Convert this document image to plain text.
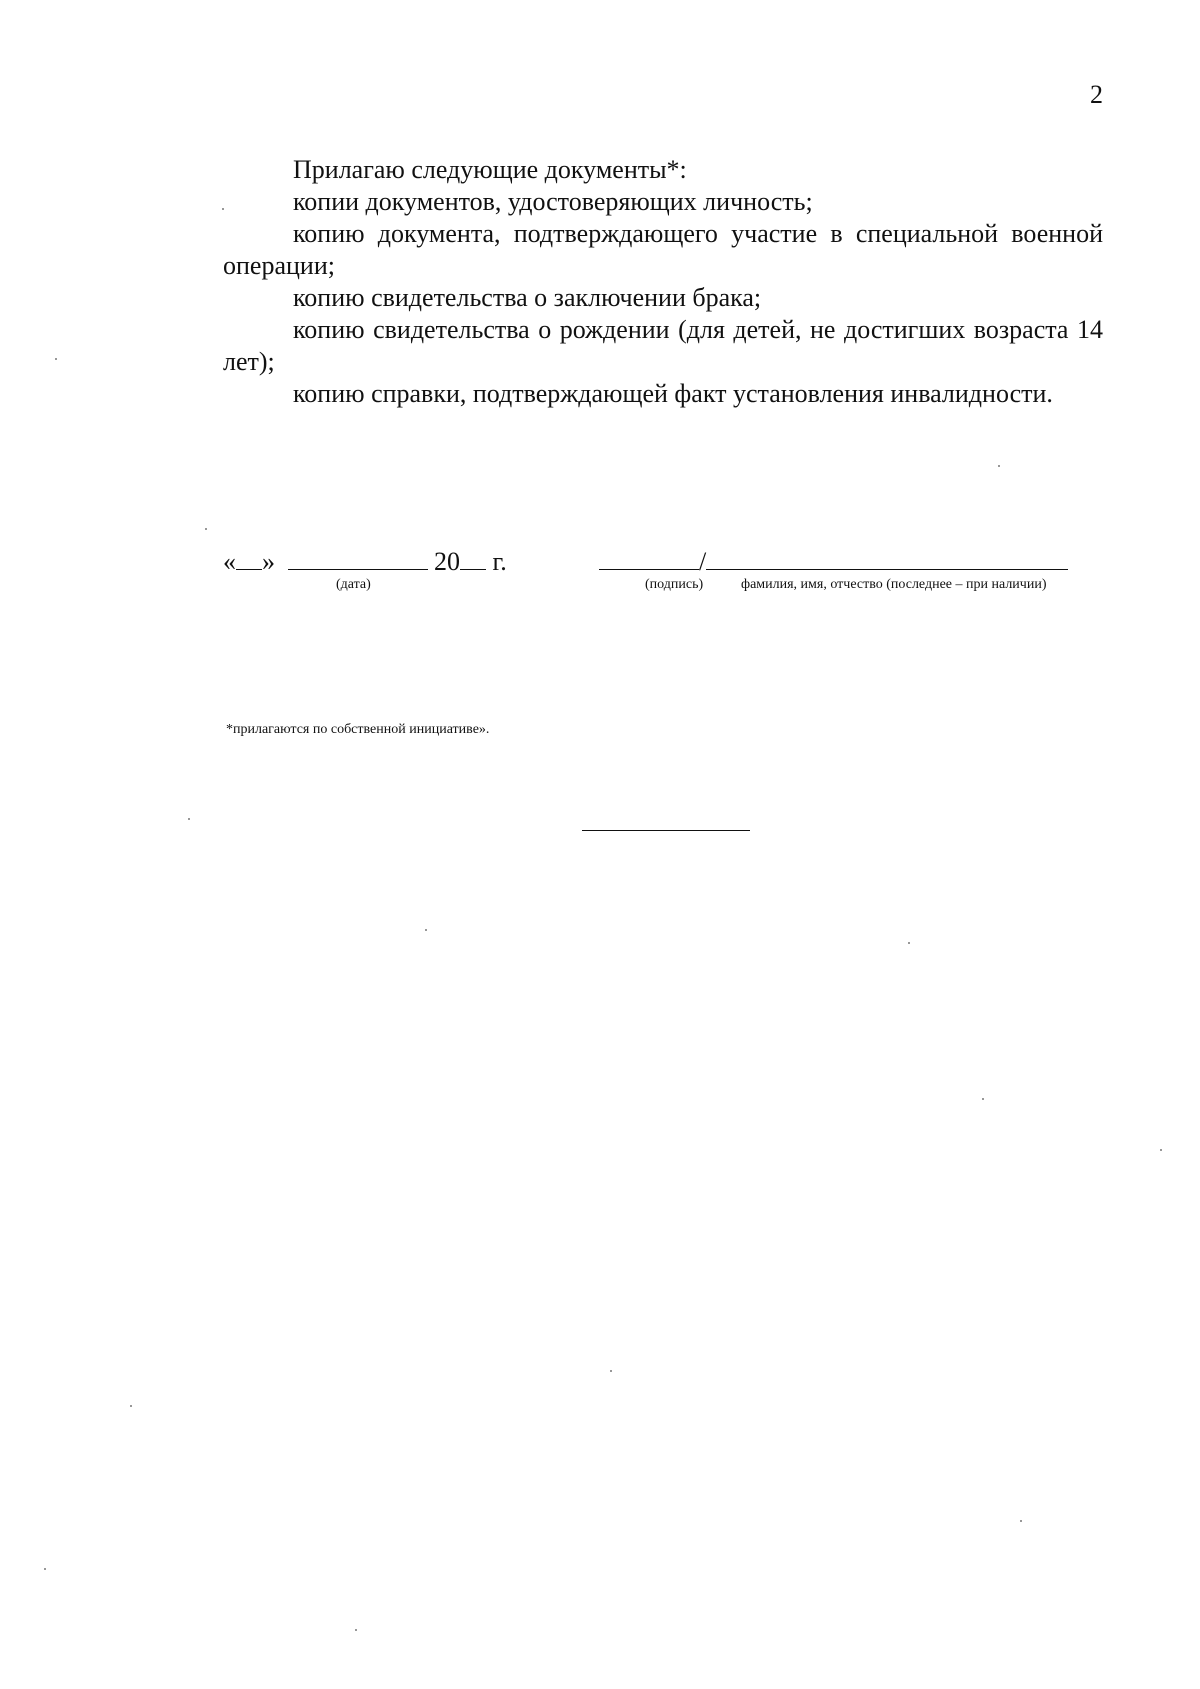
2

Прилагаю следующие документы*:

копии документов, удостоверяющих личность;

копию документа, подтверждающего участие в специальной военной операции;

копию свидетельства о заключении брака;

копию свидетельства о рождении (для детей, не достигших возраста 14 лет);

копию справки, подтверждающей факт установления инвалидности.

« »	20 г.
(дата)
/
(подпись)	фамилия, имя, отчество (последнее – при наличии)
*прилагаются по собственной инициативе».
